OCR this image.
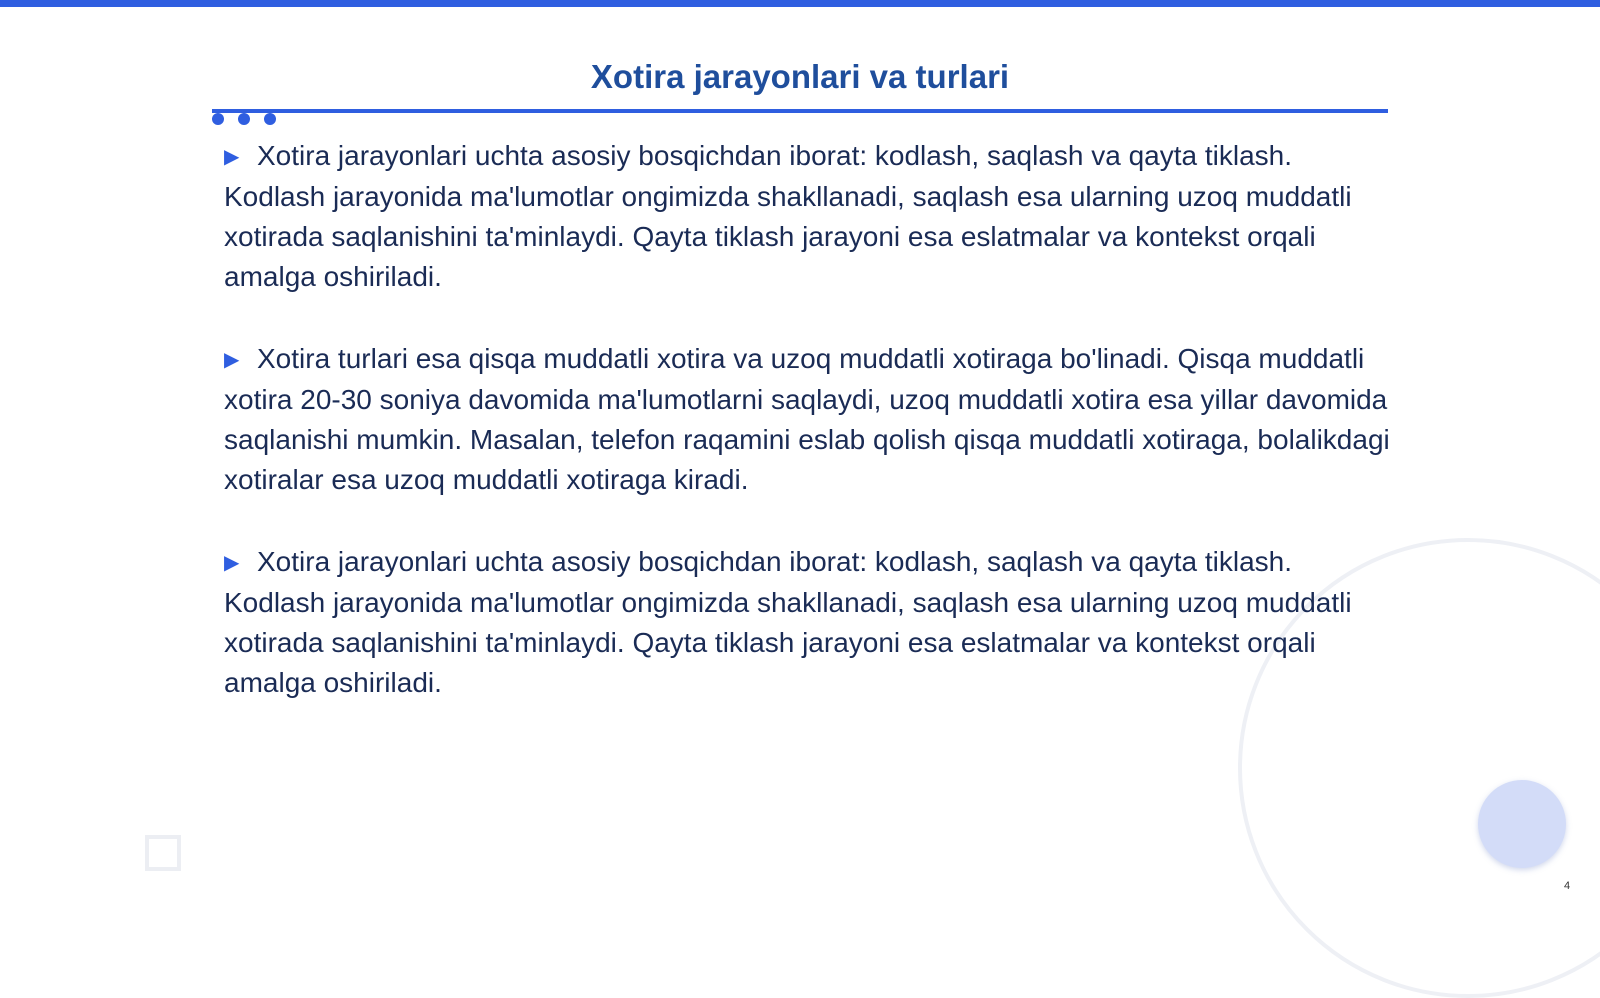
Xotira jarayonlari va turlari

▶ Xotira jarayonlari uchta asosiy bosqichdan iborat: kodlash, saqlash va qayta tiklash. Kodlash jarayonida ma'lumotlar ongimizda shakllanadi, saqlash esa ularning uzoq muddatli xotirada saqlanishini ta'minlaydi. Qayta tiklash jarayoni esa eslatmalar va kontekst orqali amalga oshiriladi.

▶ Xotira turlari esa qisqa muddatli xotira va uzoq muddatli xotiraga bo'linadi. Qisqa muddatli xotira 20-30 soniya davomida ma'lumotlarni saqlaydi, uzoq muddatli xotira esa yillar davomida saqlanishi mumkin. Masalan, telefon raqamini eslab qolish qisqa muddatli xotiraga, bolalikdagi xotiralar esa uzoq muddatli xotiraga kiradi.

▶ Xotira jarayonlari uchta asosiy bosqichdan iborat: kodlash, saqlash va qayta tiklash. Kodlash jarayonida ma'lumotlar ongimizda shakllanadi, saqlash esa ularning uzoq muddatli xotirada saqlanishini ta'minlaydi. Qayta tiklash jarayoni esa eslatmalar va kontekst orqali amalga oshiriladi.

4
